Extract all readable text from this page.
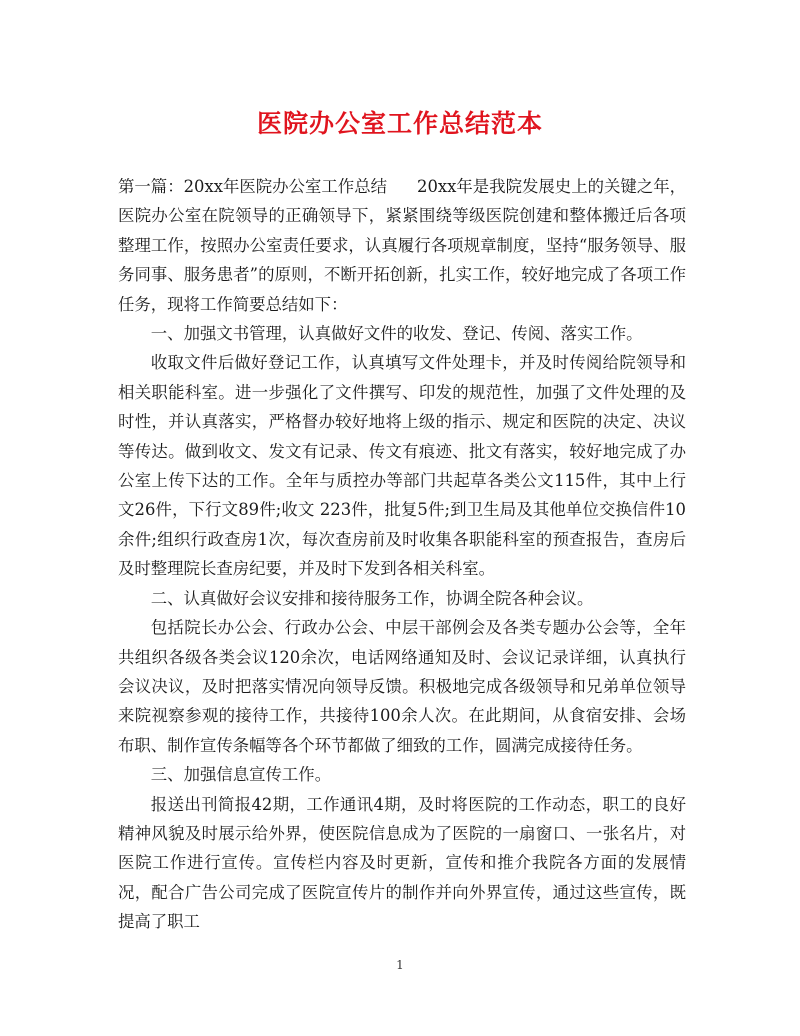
医院办公室工作总结范本

第一篇：20xx年医院办公室工作总结 20xx年是我院发展史上的关键之年，医院办公室在院领导的正确领导下，紧紧围绕等级医院创建和整体搬迁后各项整理工作，按照办公室责任要求，认真履行各项规章制度，坚持“服务领导、服务同事、服务患者”的原则，不断开拓创新，扎实工作，较好地完成了各项工作任务，现将工作简要总结如下：

一、加强文书管理，认真做好文件的收发、登记、传阅、落实工作。

收取文件后做好登记工作，认真填写文件处理卡，并及时传阅给院领导和相关职能科室。进一步强化了文件撰写、印发的规范性，加强了文件处理的及时性，并认真落实，严格督办较好地将上级的指示、规定和医院的决定、决议等传达。做到收文、发文有记录、传文有痕迹、批文有落实，较好地完成了办公室上传下达的工作。全年与质控办等部门共起草各类公文115件，其中上行文26件，下行文89件;收文 223件，批复5件;到卫生局及其他单位交换信件10余件;组织行政查房1次，每次查房前及时收集各职能科室的预查报告，查房后及时整理院长查房纪要，并及时下发到各相关科室。

二、认真做好会议安排和接待服务工作，协调全院各种会议。

包括院长办公会、行政办公会、中层干部例会及各类专题办公会等，全年共组织各级各类会议120余次，电话网络通知及时、会议记录详细，认真执行会议决议，及时把落实情况向领导反馈。积极地完成各级领导和兄弟单位领导来院视察参观的接待工作，共接待100余人次。在此期间，从食宿安排、会场布职、制作宣传条幅等各个环节都做了细致的工作，圆满完成接待任务。

三、加强信息宣传工作。

报送出刊简报42期，工作通讯4期，及时将医院的工作动态，职工的良好精神风貌及时展示给外界，使医院信息成为了医院的一扇窗口、一张名片，对医院工作进行宣传。宣传栏内容及时更新，宣传和推介我院各方面的发展情况，配合广告公司完成了医院宣传片的制作并向外界宣传，通过这些宣传，既提高了职工

1
